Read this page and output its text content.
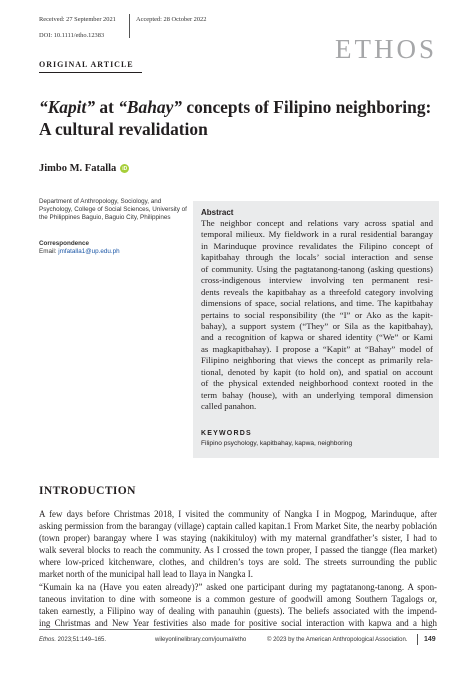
Received: 27 September 2021	Accepted: 28 October 2022
DOI: 10.1111/etho.12383	ETHOS
ORIGINAL ARTICLE
“Kapit” at “Bahay” concepts of Filipino neighboring:
A cultural revalidation
Jimbo M. Fatalla	iD
Department of Anthropology, Sociology, and Psychology, College of Social Sciences, University of the Philippines Baguio, Baguio City, Philippines
Correspondence
Email: jmfatalla1@up.edu.ph
Abstract
The neighbor concept and relations vary across spatial and
temporal milieux. My fieldwork in a rural residential barangay
in Marinduque province revalidates the Filipino concept of
kapitbahay through the locals’ social interaction and sense
of community. Using the pagtatanong-tanong (asking questions)
cross-indigenous interview involving ten permanent resi-
dents reveals the kapitbahay as a threefold category involving
dimensions of space, social relations, and time. The kapitbahay
pertains to social responsibility (the “I” or Ako as the kapit-
bahay), a support system (“They” or Sila as the kapitbahay),
and a recognition of kapwa or shared identity (“We” or Kami
as magkapitbahay). I propose a “Kapit” at “Bahay” model of
Filipino neighboring that views the concept as primarily rela-
tional, denoted by kapit (to hold on), and spatial on account
of the physical extended neighborhood context rooted in the
term bahay (house), with an underlying temporal dimension
called panahon.
KEYWORDS
Filipino psychology, kapitbahay, kapwa, neighboring
INTRODUCTION
A few days before Christmas 2018, I visited the community of Nangka I in Mogpog, Marinduque, after
asking permission from the barangay (village) captain called kapitan.1 From Market Site, the nearby población
(town proper) barangay where I was staying (nakikituloy) with my maternal grandfather’s sister, I had to
walk several blocks to reach the community. As I crossed the town proper, I passed the tiangge (flea market)
where low-priced kitchenware, clothes, and children’s toys are sold. The streets surrounding the public
market north of the municipal hall lead to Ilaya in Nangka I.
“Kumain ka na (Have you eaten already)?” asked one participant during my pagtatanong-tanong. A spon-
taneous invitation to dine with someone is a common gesture of goodwill among Southern Tagalogs or,
taken earnestly, a Filipino way of dealing with panauhin (guests). The beliefs associated with the impend-
ing Christmas and New Year festivities also made for positive social interaction with kapwa and a high
Ethos. 2023;51:149–165.	wileyonlinelibrary.com/journal/etho	© 2023 by the American Anthropological Association.	149
